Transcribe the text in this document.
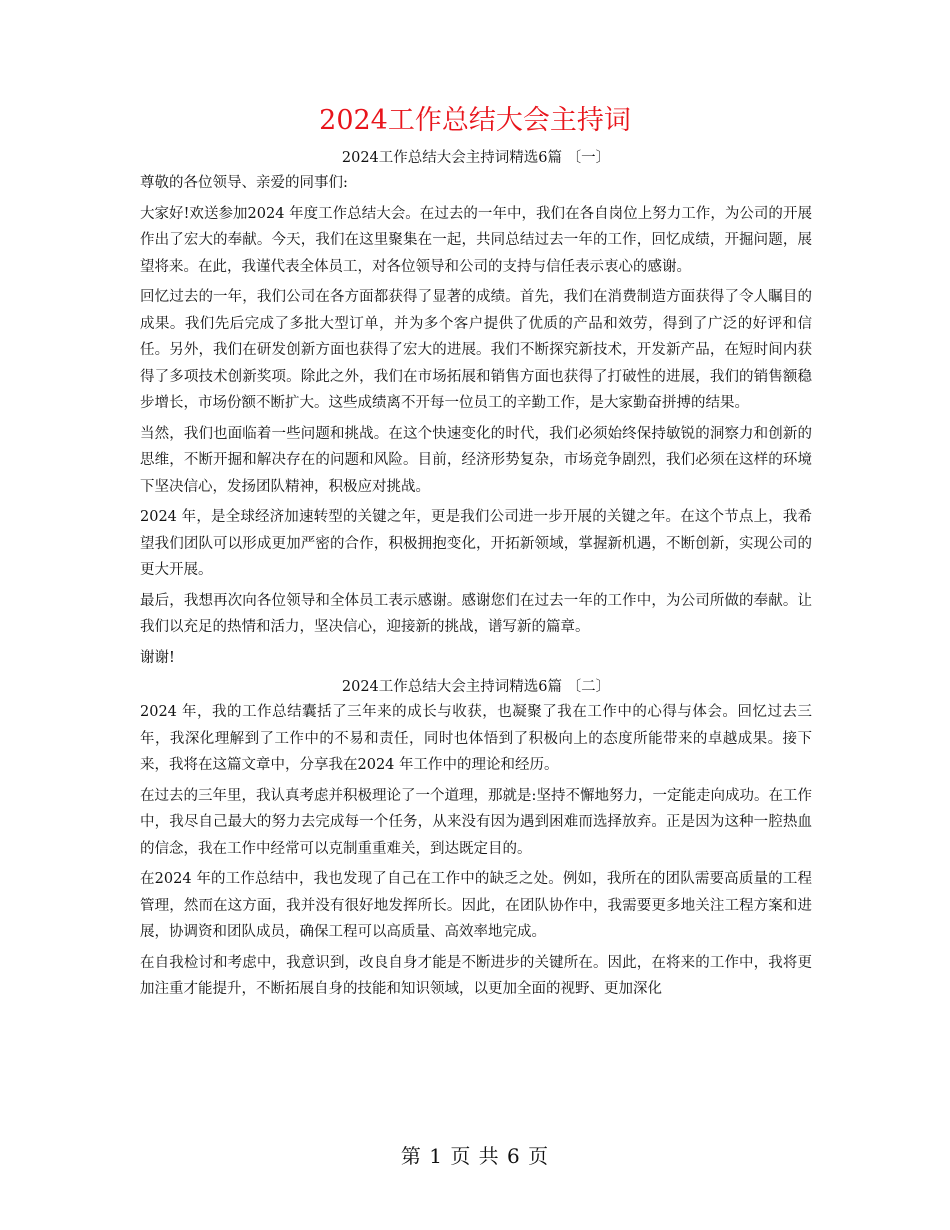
2024工作总结大会主持词
2024工作总结大会主持词精选6篇 〔一〕

尊敬的各位领导、亲爱的同事们:

大家好!欢送参加2024 年度工作总结大会。在过去的一年中，我们在各自岗位上努力工作，为公司的开展作出了宏大的奉献。今天，我们在这里聚集在一起，共同总结过去一年的工作，回忆成绩，开掘问题，展望将来。在此，我谨代表全体员工，对各位领导和公司的支持与信任表示衷心的感谢。

回忆过去的一年，我们公司在各方面都获得了显著的成绩。首先，我们在消费制造方面获得了令人瞩目的成果。我们先后完成了多批大型订单，并为多个客户提供了优质的产品和效劳，得到了广泛的好评和信任。另外，我们在研发创新方面也获得了宏大的进展。我们不断探究新技术，开发新产品，在短时间内获得了多项技术创新奖项。除此之外，我们在市场拓展和销售方面也获得了打破性的进展，我们的销售额稳步增长，市场份额不断扩大。这些成绩离不开每一位员工的辛勤工作，是大家勤奋拼搏的结果。

当然，我们也面临着一些问题和挑战。在这个快速变化的时代，我们必须始终保持敏锐的洞察力和创新的思维，不断开掘和解决存在的问题和风险。目前，经济形势复杂，市场竞争剧烈，我们必须在这样的环境下坚决信心，发扬团队精神，积极应对挑战。

2024 年，是全球经济加速转型的关键之年，更是我们公司进一步开展的关键之年。在这个节点上，我希望我们团队可以形成更加严密的合作，积极拥抱变化，开拓新领域，掌握新机遇，不断创新，实现公司的更大开展。

最后，我想再次向各位领导和全体员工表示感谢。感谢您们在过去一年的工作中，为公司所做的奉献。让我们以充足的热情和活力，坚决信心，迎接新的挑战，谱写新的篇章。

谢谢!

2024工作总结大会主持词精选6篇 〔二〕

2024 年，我的工作总结囊括了三年来的成长与收获，也凝聚了我在工作中的心得与体会。回忆过去三年，我深化理解到了工作中的不易和责任，同时也体悟到了积极向上的态度所能带来的卓越成果。接下来，我将在这篇文章中，分享我在2024 年工作中的理论和经历。

在过去的三年里，我认真考虑并积极理论了一个道理，那就是:坚持不懈地努力，一定能走向成功。在工作中，我尽自己最大的努力去完成每一个任务，从来没有因为遇到困难而选择放弃。正是因为这种一腔热血的信念，我在工作中经常可以克制重重难关，到达既定目的。

在2024 年的工作总结中，我也发现了自己在工作中的缺乏之处。例如，我所在的团队需要高质量的工程管理，然而在这方面，我并没有很好地发挥所长。因此，在团队协作中，我需要更多地关注工程方案和进展，协调资和团队成员，确保工程可以高质量、高效率地完成。

在自我检讨和考虑中，我意识到，改良自身才能是不断进步的关键所在。因此，在将来的工作中，我将更加注重才能提升，不断拓展自身的技能和知识领域，以更加全面的视野、更加深化

第 1 页 共 6 页
